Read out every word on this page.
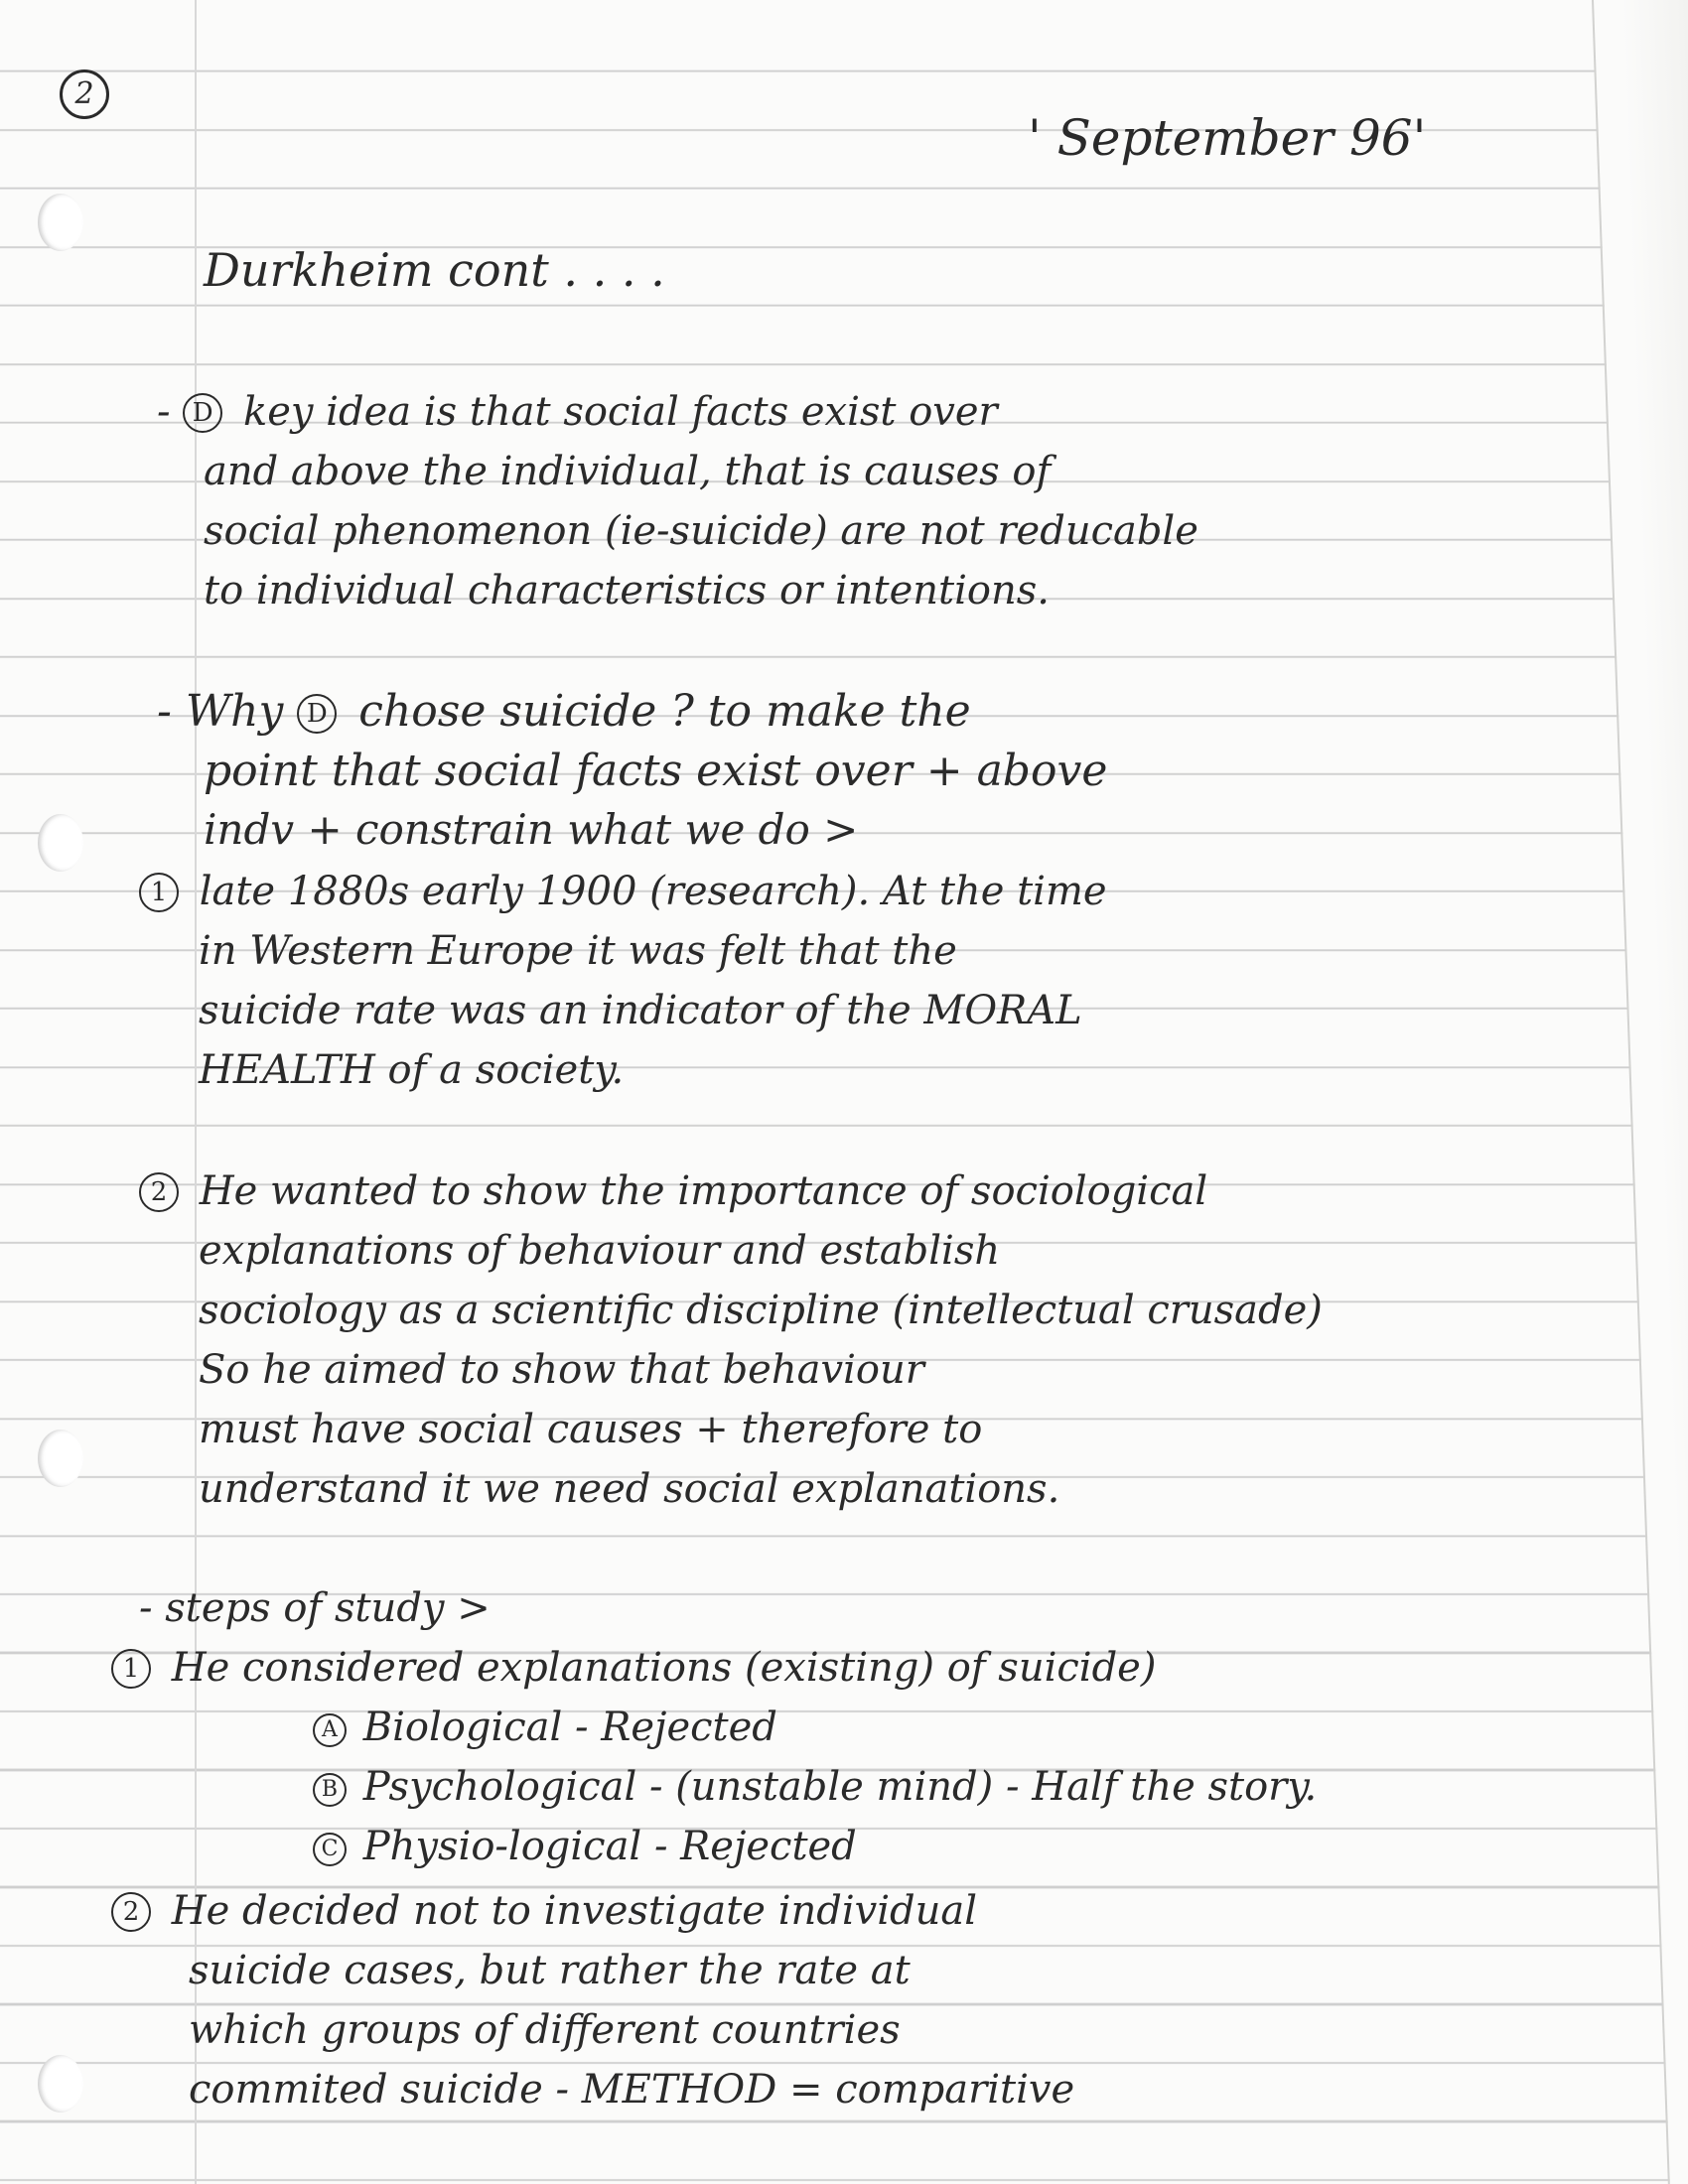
2
' September 96'
Durkheim cont . . . .
- D key idea is that social facts exist over
and above the individual, that is causes of
social phenomenon (ie-suicide) are not reducable
to individual characteristics or intentions.
- Why D chose suicide ? to make the
point that social facts exist over + above
indv + constrain what we do >
1 late 1880s early 1900 (research). At the time
in Western Europe it was felt that the
suicide rate was an indicator of the MORAL
HEALTH of a society.
2 He wanted to show the importance of sociological
explanations of behaviour and establish
sociology as a scientific discipline (intellectual crusade)
So he aimed to show that behaviour
must have social causes + therefore to
understand it we need social explanations.
- steps of study >
1 He considered explanations (existing) of suicide)
A Biological - Rejected
B Psychological - (unstable mind) - Half the story.
C Physio-logical - Rejected
2 He decided not to investigate individual
suicide cases, but rather the rate at
which groups of different countries
commited suicide - METHOD = comparitive
